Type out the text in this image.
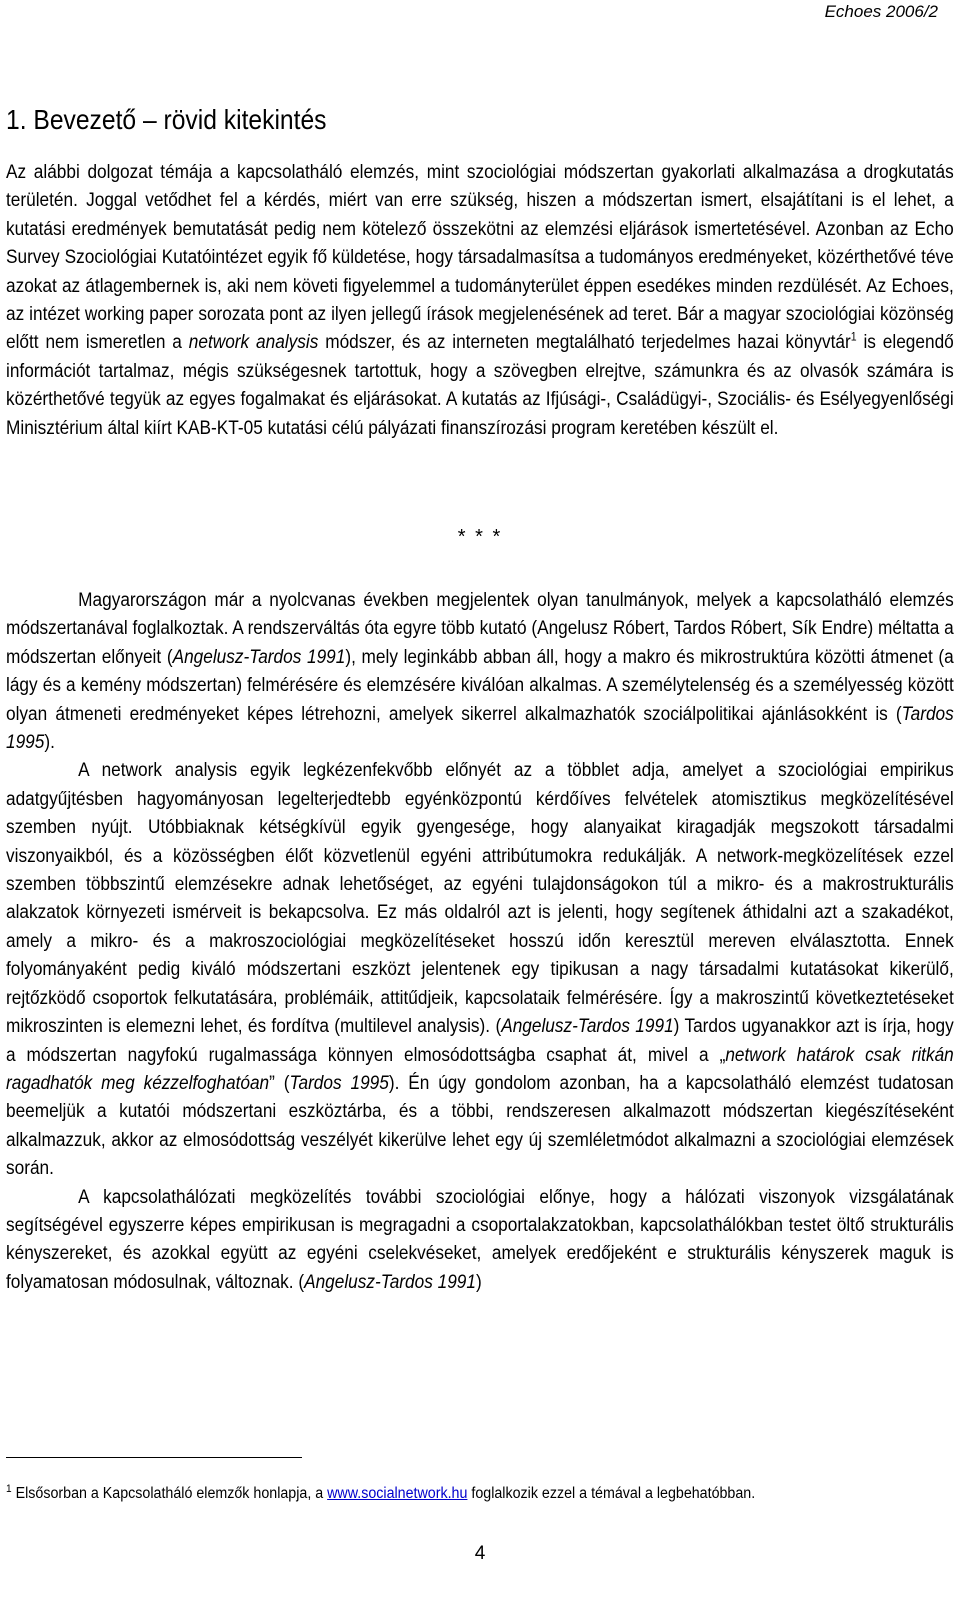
Echoes 2006/2
1. Bevezető – rövid kitekintés

Az alábbi dolgozat témája a kapcsolatháló elemzés, mint szociológiai módszertan gyakorlati alkalmazása a drogkutatás területén. Joggal vetődhet fel a kérdés, miért van erre szükség, hiszen a módszertan ismert, elsajátítani is el lehet, a kutatási eredmények bemutatását pedig nem kötelező összekötni az elemzési eljárások ismertetésével. Azonban az Echo Survey Szociológiai Kutatóintézet egyik fő küldetése, hogy társadalmasítsa a tudományos eredményeket, közérthetővé téve azokat az átlagembernek is, aki nem követi figyelemmel a tudományterület éppen esedékes minden rezdülését. Az Echoes, az intézet working paper sorozata pont az ilyen jellegű írások megjelenésének ad teret. Bár a magyar szociológiai közönség előtt nem ismeretlen a network analysis módszer, és az interneten megtalálható terjedelmes hazai könyvtár$^1$ is elegendő információt tartalmaz, mégis szükségesnek tartottuk, hogy a szövegben elrejtve, számunkra és az olvasók számára is közérthetővé tegyük az egyes fogalmakat és eljárásokat. A kutatás az Ifjúsági-, Családügyi-, Szociális- és Esélyegyenlőségi Minisztérium által kiírt KAB-KT-05 kutatási célú pályázati finanszírozási program keretében készült el.

* * *

Magyarországon már a nyolcvanas években megjelentek olyan tanulmányok, melyek a kapcsolatháló elemzés módszertanával foglalkoztak. A rendszerváltás óta egyre több kutató (Angelusz Róbert, Tardos Róbert, Sík Endre) méltatta a módszertan előnyeit (Angelusz-Tardos 1991), mely leginkább abban áll, hogy a makro és mikrostruktúra közötti átmenet (a lágy és a kemény módszertan) felmérésére és elemzésére kiválóan alkalmas. A személytelenség és a személyesség között olyan átmeneti eredményeket képes létrehozni, amelyek sikerrel alkalmazhatók szociálpolitikai ajánlásokként is (Tardos 1995).

A network analysis egyik legkézenfekvőbb előnyét az a többlet adja, amelyet a szociológiai empirikus adatgyűjtésben hagyományosan legelterjedtebb egyénközpontú kérdőíves felvételek atomisztikus megközelítésével szemben nyújt. Utóbbiaknak kétségkívül egyik gyengesége, hogy alanyaikat kiragadják megszokott társadalmi viszonyaikból, és a közösségben élőt közvetlenül egyéni attribútumokra redukálják. A network-megközelítések ezzel szemben többszintű elemzésekre adnak lehetőséget, az egyéni tulajdonságokon túl a mikro- és a makrostrukturális alakzatok környezeti ismérveit is bekapcsolva. Ez más oldalról azt is jelenti, hogy segítenek áthidalni azt a szakadékot, amely a mikro- és a makroszociológiai megközelítéseket hosszú időn keresztül mereven elválasztotta. Ennek folyományaként pedig kiváló módszertani eszközt jelentenek egy tipikusan a nagy társadalmi kutatásokat kikerülő, rejtőzködő csoportok felkutatására, problémáik, attitűdjeik, kapcsolataik felmérésére. Így a makroszintű következtetéseket mikroszinten is elemezni lehet, és fordítva (multilevel analysis). (Angelusz-Tardos 1991) Tardos ugyanakkor azt is írja, hogy a módszertan nagyfokú rugalmassága könnyen elmosódottságba csaphat át, mivel a „network határok csak ritkán ragadhatók meg kézzelfoghatóan” (Tardos 1995). Én úgy gondolom azonban, ha a kapcsolatháló elemzést tudatosan beemeljük a kutatói módszertani eszköztárba, és a többi, rendszeresen alkalmazott módszertan kiegészítéseként alkalmazzuk, akkor az elmosódottság veszélyét kikerülve lehet egy új szemléletmódot alkalmazni a szociológiai elemzések során.

A kapcsolathálózati megközelítés további szociológiai előnye, hogy a hálózati viszonyok vizsgálatának segítségével egyszerre képes empirikusan is megragadni a csoportalakzatokban, kapcsolathálókban testet öltő strukturális kényszereket, és azokkal együtt az egyéni cselekvéseket, amelyek eredőjeként e strukturális kényszerek maguk is folyamatosan módosulnak, változnak. (Angelusz-Tardos 1991)

$^1$ Elsősorban a Kapcsolatháló elemzők honlapja, a www.socialnetwork.hu foglalkozik ezzel a témával a legbehatóbban.
4
